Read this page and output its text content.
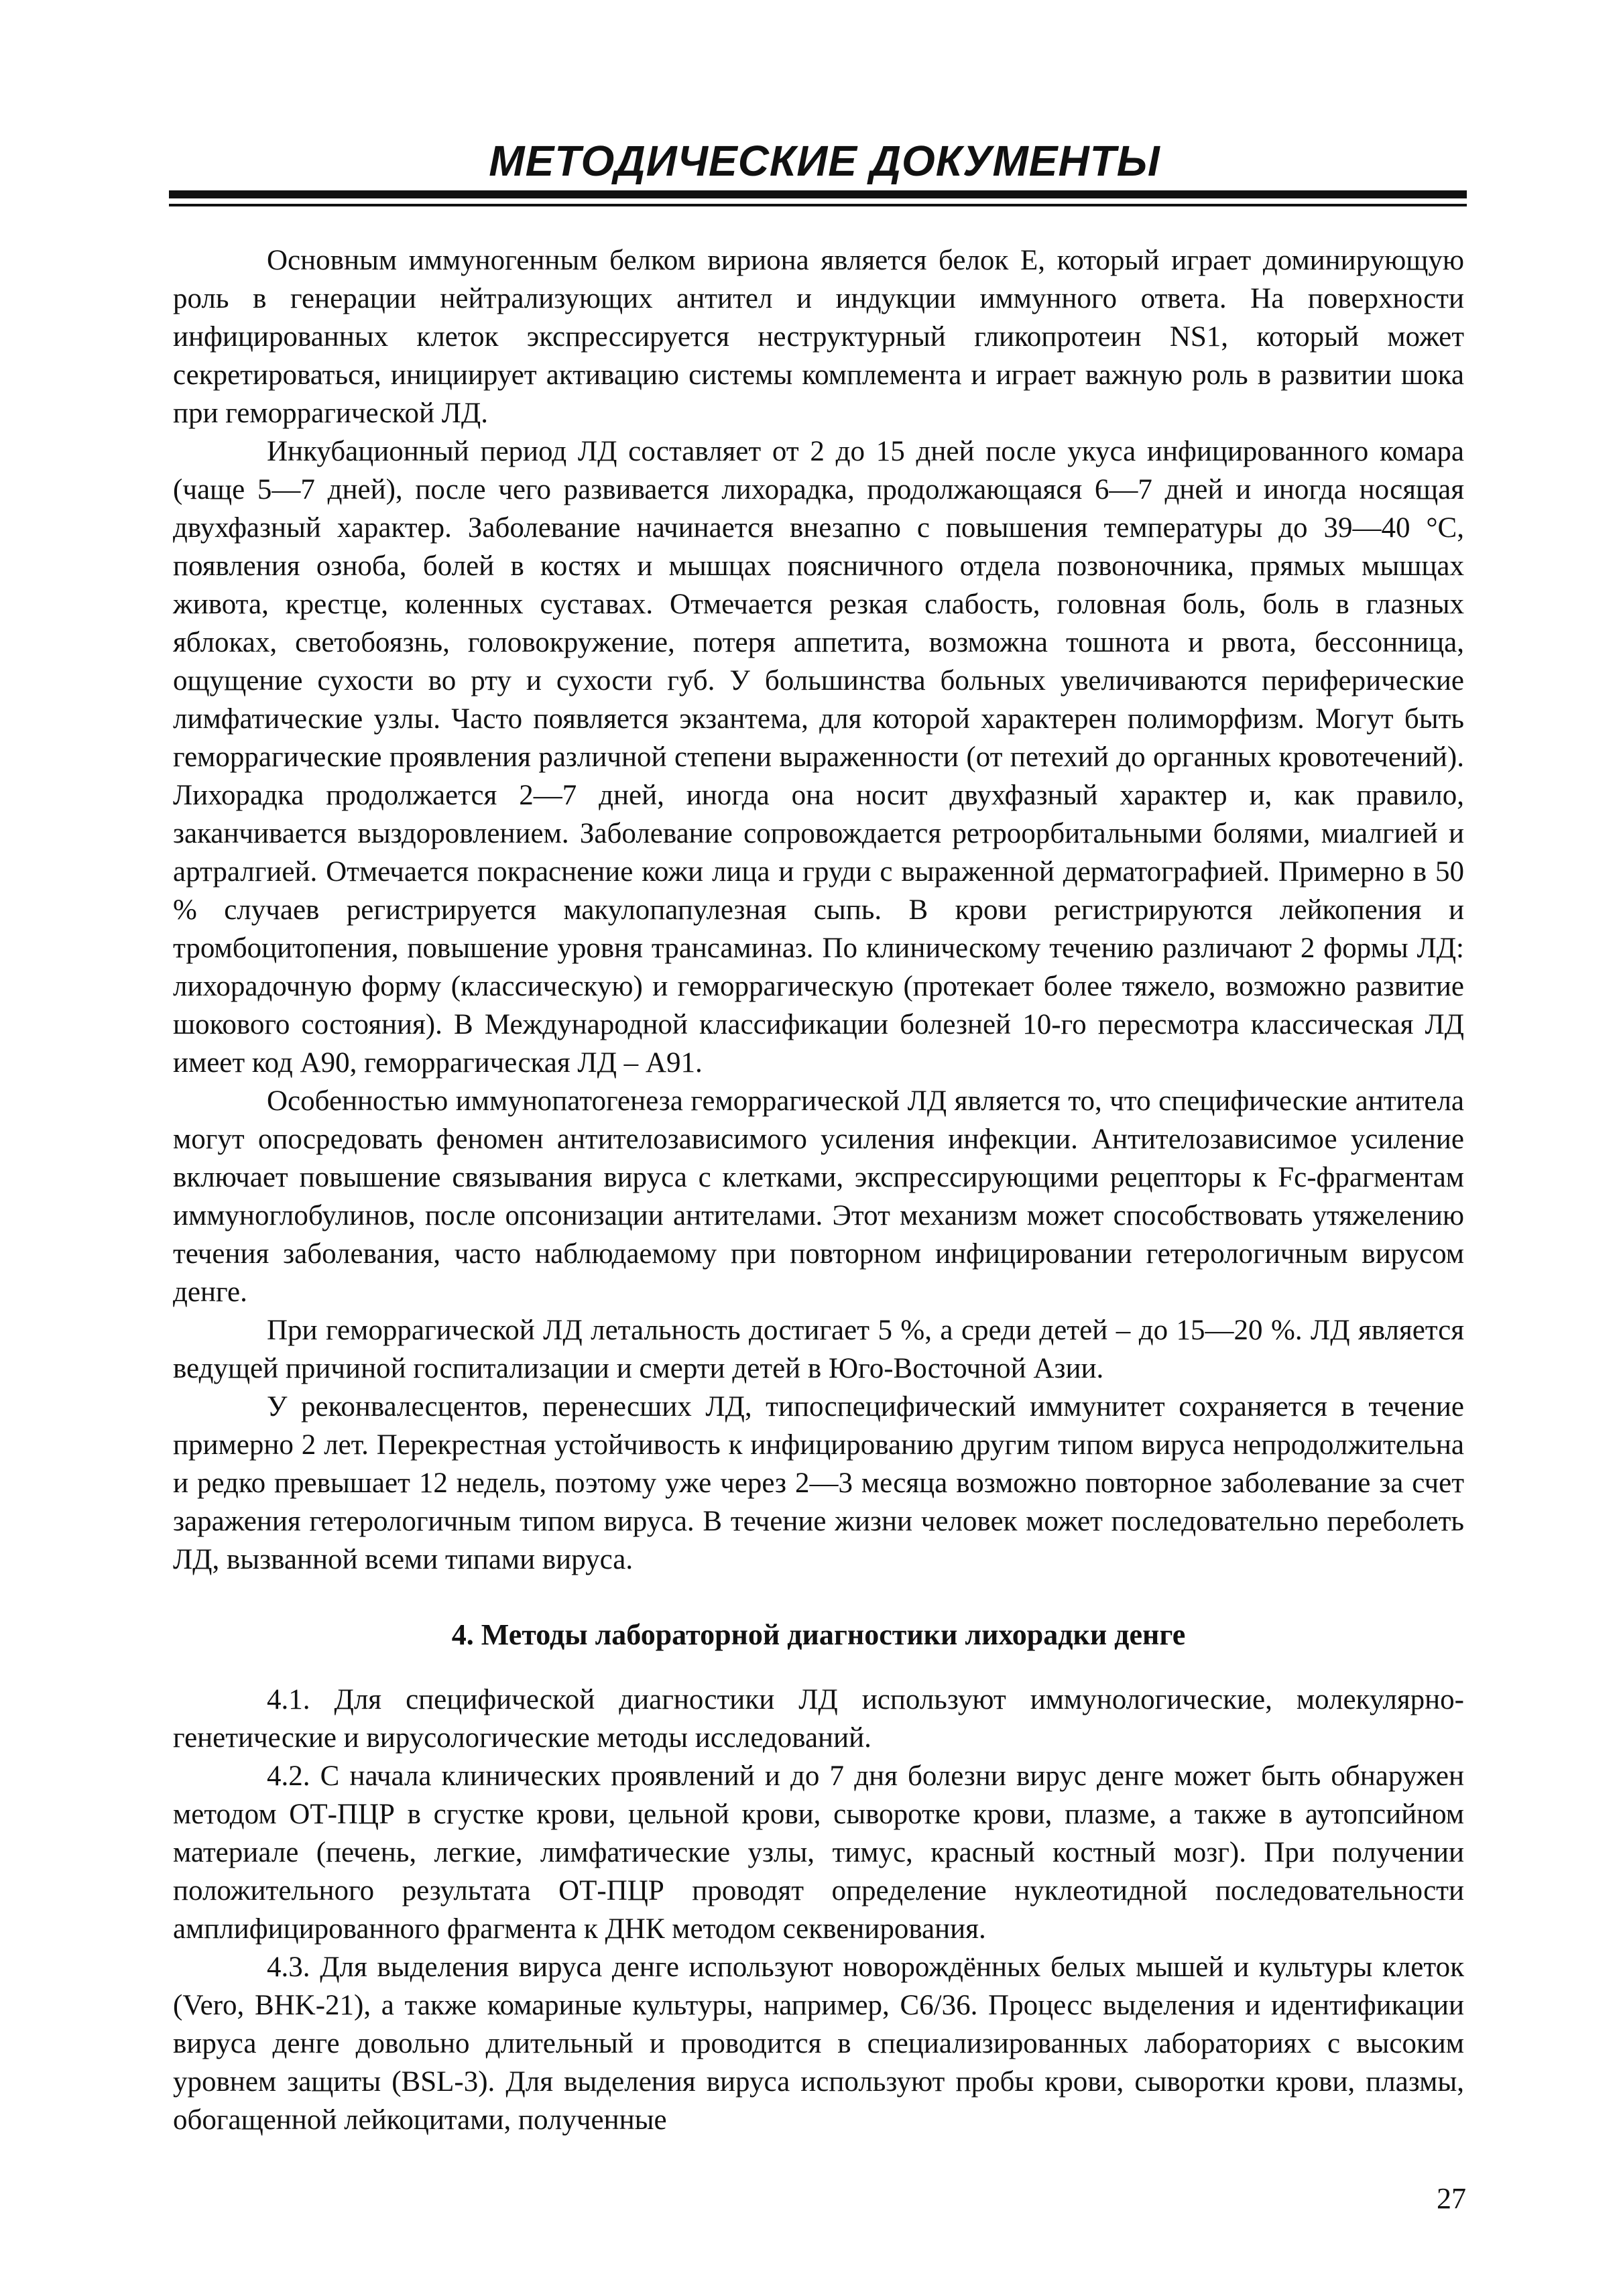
МЕТОДИЧЕСКИЕ ДОКУМЕНТЫ

Основным иммуногенным белком вириона является белок Е, который играет доминирующую роль в генерации нейтрализующих антител и индукции иммунного ответа. На поверхности инфицированных клеток экспрессируется неструктурный гликопротеин NS1, который может секретироваться, инициирует активацию системы комплемента и играет важную роль в развитии шока при геморрагической ЛД.

Инкубационный период ЛД составляет от 2 до 15 дней после укуса инфицированного комара (чаще 5—7 дней), после чего развивается лихорадка, продолжающаяся 6—7 дней и иногда носящая двухфазный характер. Заболевание начинается внезапно с повышения температуры до 39—40 °С, появления озноба, болей в костях и мышцах поясничного отдела позвоночника, прямых мышцах живота, крестце, коленных суставах. Отмечается резкая слабость, головная боль, боль в глазных яблоках, светобоязнь, головокружение, потеря аппетита, возможна тошнота и рвота, бессонница, ощущение сухости во рту и сухости губ. У большинства больных увеличиваются периферические лимфатические узлы. Часто появляется экзантема, для которой характерен полиморфизм. Могут быть геморрагические проявления различной степени выраженности (от петехий до органных кровотечений). Лихорадка продолжается 2—7 дней, иногда она носит двухфазный характер и, как правило, заканчивается выздоровлением. Заболевание сопровождается ретроорбитальными болями, миалгией и артралгией. Отмечается покраснение кожи лица и груди с выраженной дерматографией. Примерно в 50 % случаев регистрируется макулопапулезная сыпь. В крови регистрируются лейкопения и тромбоцитопения, повышение уровня трансаминаз. По клиническому течению различают 2 формы ЛД: лихорадочную форму (классическую) и геморрагическую (протекает более тяжело, возможно развитие шокового состояния). В Международной классификации болезней 10-го пересмотра классическая ЛД имеет код А90, геморрагическая ЛД – А91.

Особенностью иммунопатогенеза геморрагической ЛД является то, что специфические антитела могут опосредовать феномен антителозависимого усиления инфекции. Антителозависимое усиление включает повышение связывания вируса с клетками, экспрессирующими рецепторы к Fc-фрагментам иммуноглобулинов, после опсонизации антителами. Этот механизм может способствовать утяжелению течения заболевания, часто наблюдаемому при повторном инфицировании гетерологичным вирусом денге.

При геморрагической ЛД летальность достигает 5 %, а среди детей – до 15—20 %. ЛД является ведущей причиной госпитализации и смерти детей в Юго-Восточной Азии.

У реконвалесцентов, перенесших ЛД, типоспецифический иммунитет сохраняется в течение примерно 2 лет. Перекрестная устойчивость к инфицированию другим типом вируса непродолжительна и редко превышает 12 недель, поэтому уже через 2—3 месяца возможно повторное заболевание за счет заражения гетерологичным типом вируса. В течение жизни человек может последовательно переболеть ЛД, вызванной всеми типами вируса.

4. Методы лабораторной диагностики лихорадки денге

4.1. Для специфической диагностики ЛД используют иммунологические, молекулярно-генетические и вирусологические методы исследований.

4.2. С начала клинических проявлений и до 7 дня болезни вирус денге может быть обнаружен методом ОТ-ПЦР в сгустке крови, цельной крови, сыворотке крови, плазме, а также в аутопсийном материале (печень, легкие, лимфатические узлы, тимус, красный костный мозг). При получении положительного результата ОТ-ПЦР проводят определение нуклеотидной последовательности амплифицированного фрагмента к ДНК методом секвенирования.

4.3. Для выделения вируса денге используют новорождённых белых мышей и культуры клеток (Vero, BHK-21), а также комариные культуры, например, С6/36. Процесс выделения и идентификации вируса денге довольно длительный и проводится в специализированных лабораториях с высоким уровнем защиты (BSL-3). Для выделения вируса используют пробы крови, сыворотки крови, плазмы, обогащенной лейкоцитами, полученные

27
